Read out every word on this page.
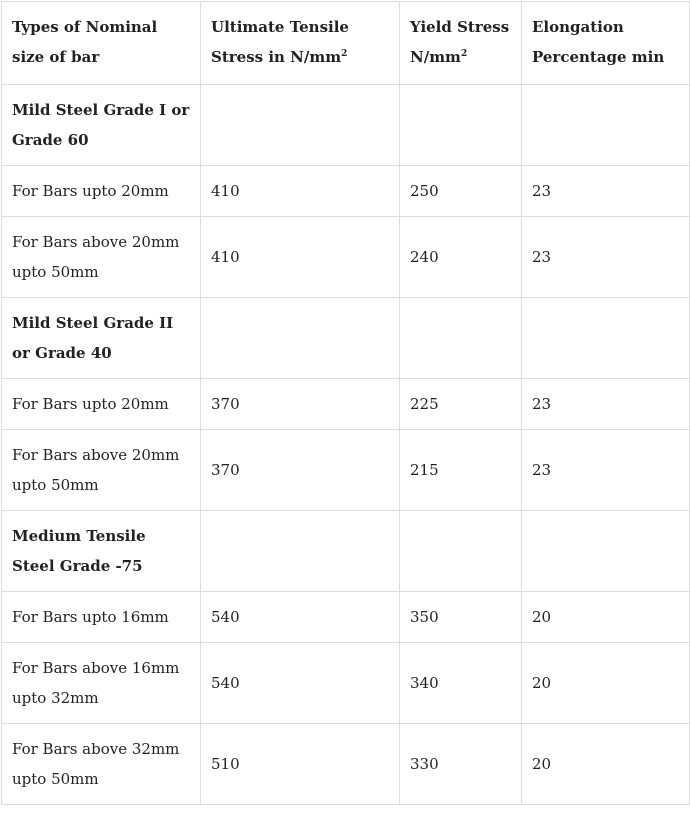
Types of Nominal size of bar	Ultimate Tensile Stress in $N/mm^2$	Yield Stress $N/mm^2$	Elongation Percentage min
Mild Steel Grade I or Grade 60			
For Bars upto 20mm	410	250	23
For Bars above 20mm upto 50mm	410	240	23
Mild Steel Grade II or Grade 40			
For Bars upto 20mm	370	225	23
For Bars above 20mm upto 50mm	370	215	23
Medium Tensile Steel Grade -75			
For Bars upto 16mm	540	350	20
For Bars above 16mm upto 32mm	540	340	20
For Bars above 32mm upto 50mm	510	330	20
